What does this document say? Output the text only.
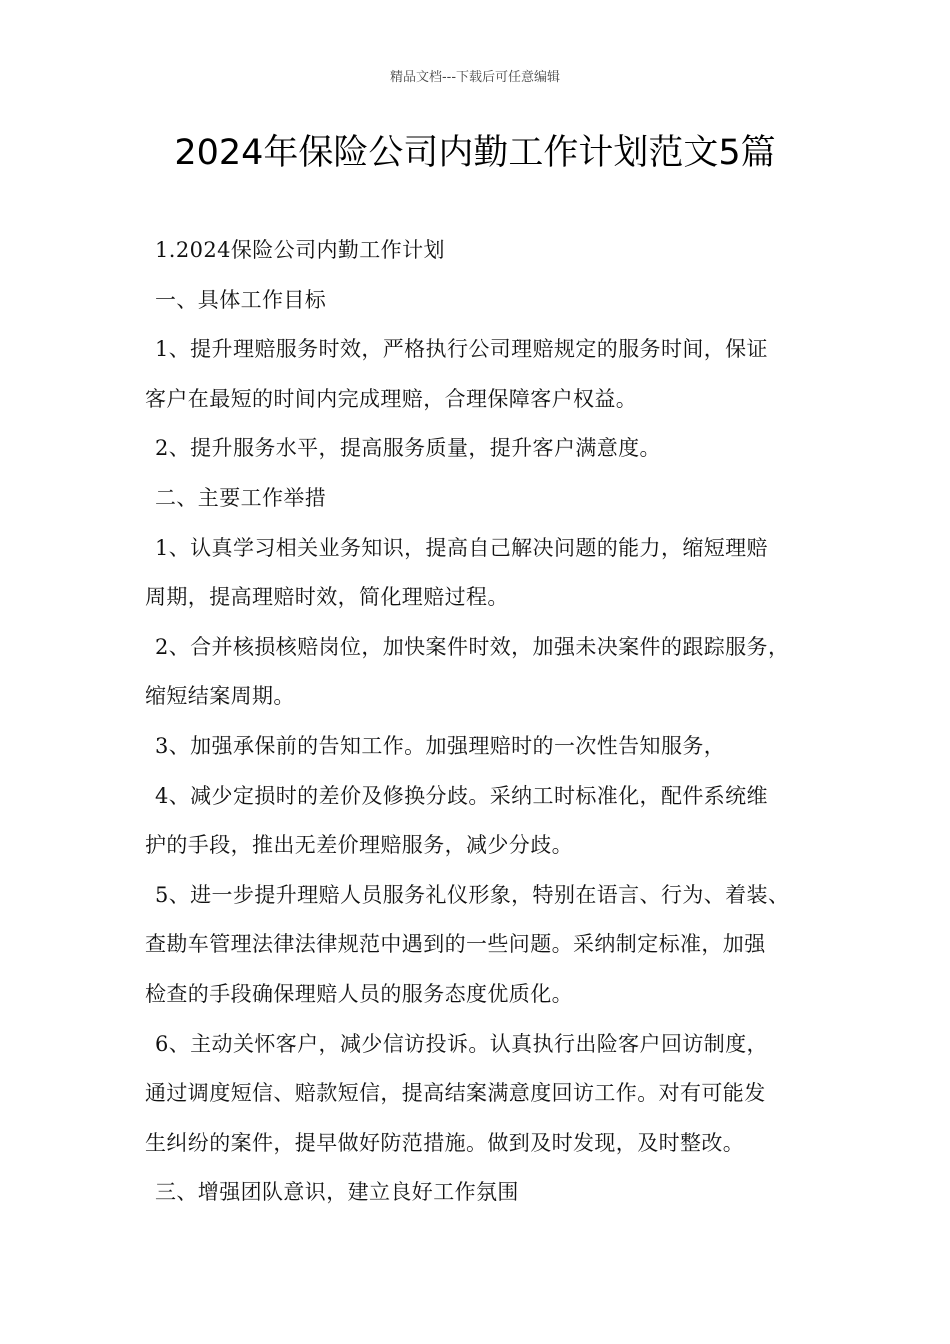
精品文档---下载后可任意编辑
2024年保险公司内勤工作计划范文5篇

1.2024保险公司内勤工作计划

一、具体工作目标

1、提升理赔服务时效，严格执行公司理赔规定的服务时间，保证

客户在最短的时间内完成理赔，合理保障客户权益。

2、提升服务水平，提高服务质量，提升客户满意度。

二、主要工作举措

1、认真学习相关业务知识，提高自己解决问题的能力，缩短理赔

周期，提高理赔时效，简化理赔过程。

2、合并核损核赔岗位，加快案件时效，加强未决案件的跟踪服务，

缩短结案周期。

3、加强承保前的告知工作。加强理赔时的一次性告知服务，

4、减少定损时的差价及修换分歧。采纳工时标准化，配件系统维

护的手段，推出无差价理赔服务，减少分歧。

5、进一步提升理赔人员服务礼仪形象，特别在语言、行为、着装、

查勘车管理法律法律规范中遇到的一些问题。采纳制定标准，加强

检查的手段确保理赔人员的服务态度优质化。

6、主动关怀客户，减少信访投诉。认真执行出险客户回访制度，

通过调度短信、赔款短信，提高结案满意度回访工作。对有可能发

生纠纷的案件，提早做好防范措施。做到及时发现，及时整改。

三、增强团队意识，建立良好工作氛围
